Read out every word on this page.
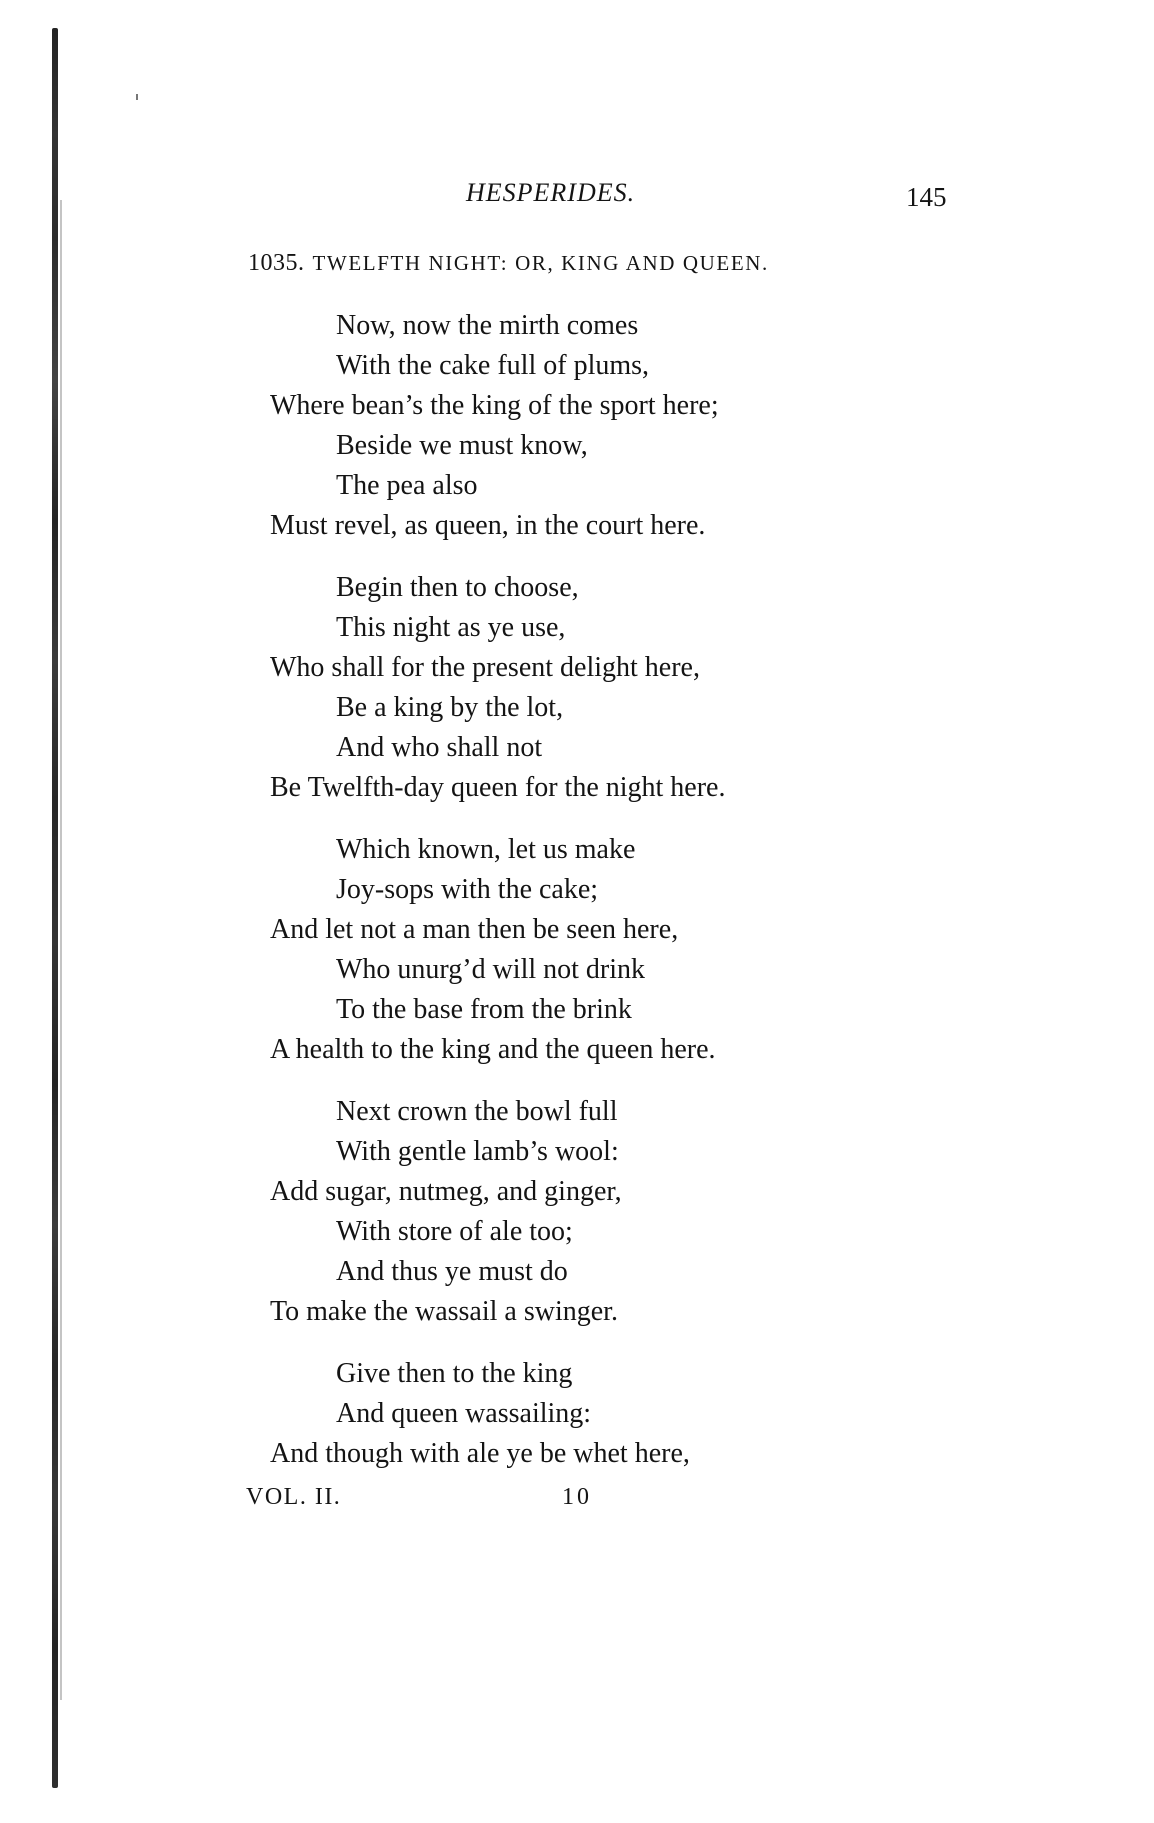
HESPERIDES.	145
1035. TWELFTH NIGHT: OR, KING AND QUEEN.
Now, now the mirth comes
With the cake full of plums,
Where bean’s the king of the sport here;
Beside we must know,
The pea also
Must revel, as queen, in the court here.
Begin then to choose,
This night as ye use,
Who shall for the present delight here,
Be a king by the lot,
And who shall not
Be Twelfth-day queen for the night here.
Which known, let us make
Joy-sops with the cake;
And let not a man then be seen here,
Who unurg’d will not drink
To the base from the brink
A health to the king and the queen here.
Next crown the bowl full
With gentle lamb’s wool:
Add sugar, nutmeg, and ginger,
With store of ale too;
And thus ye must do
To make the wassail a swinger.
Give then to the king
And queen wassailing:
And though with ale ye be whet here,
VOL. II.	10
